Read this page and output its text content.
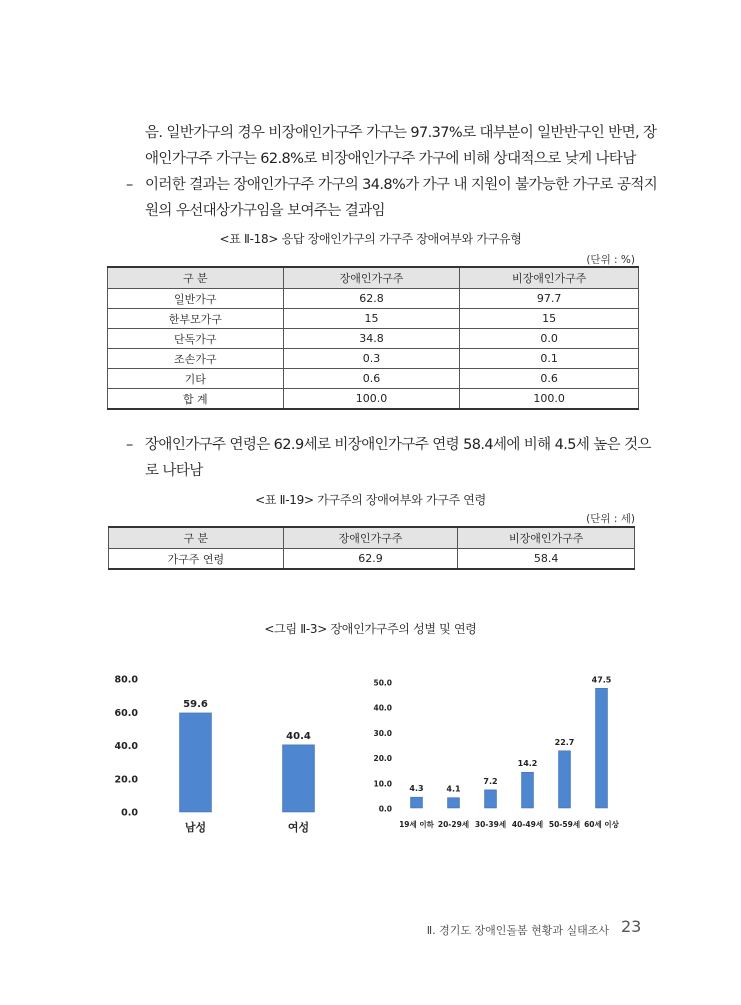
음. 일반가구의 경우 비장애인가구주 가구는 97.37%로 대부분이 일반반구인 반면, 장
애인가구주 가구는 62.8%로 비장애인가구주 가구에 비해 상대적으로 낮게 나타남
– 이러한 결과는 장애인가구주 가구의 34.8%가 가구 내 지원이 불가능한 가구로 공적지
원의 우선대상가구임을 보여주는 결과임
<표 Ⅱ-18> 응답 장애인가구의 가구주 장애여부와 가구유형
(단위 : %)
구 분	장애인가구주	비장애인가구주
일반가구	62.8	97.7
한부모가구	15	15
단독가구	34.8	0.0
조손가구	0.3	0.1
기타	0.6	0.6
합 계	100.0	100.0
– 장애인가구주 연령은 62.9세로 비장애인가구주 연령 58.4세에 비해 4.5세 높은 것으
로 나타남
<표 Ⅱ-19> 가구주의 장애여부와 가구주 연령
(단위 : 세)
구 분	장애인가구주	비장애인가구주
가구주 연령	62.9	58.4
<그림 Ⅱ-3> 장애인가구주의 성별 및 연령
0.0
20.0
40.0
60.0
80.0
59.6
남성
40.4
여성
0.0
10.0
20.0
30.0
40.0
50.0
4.3
19세 이하
4.1
20-29세
7.2
30-39세
14.2
40-49세
22.7
50-59세
47.5
60세 이상
Ⅱ. 경기도 장애인돌봄 현황과 실태조사 23
